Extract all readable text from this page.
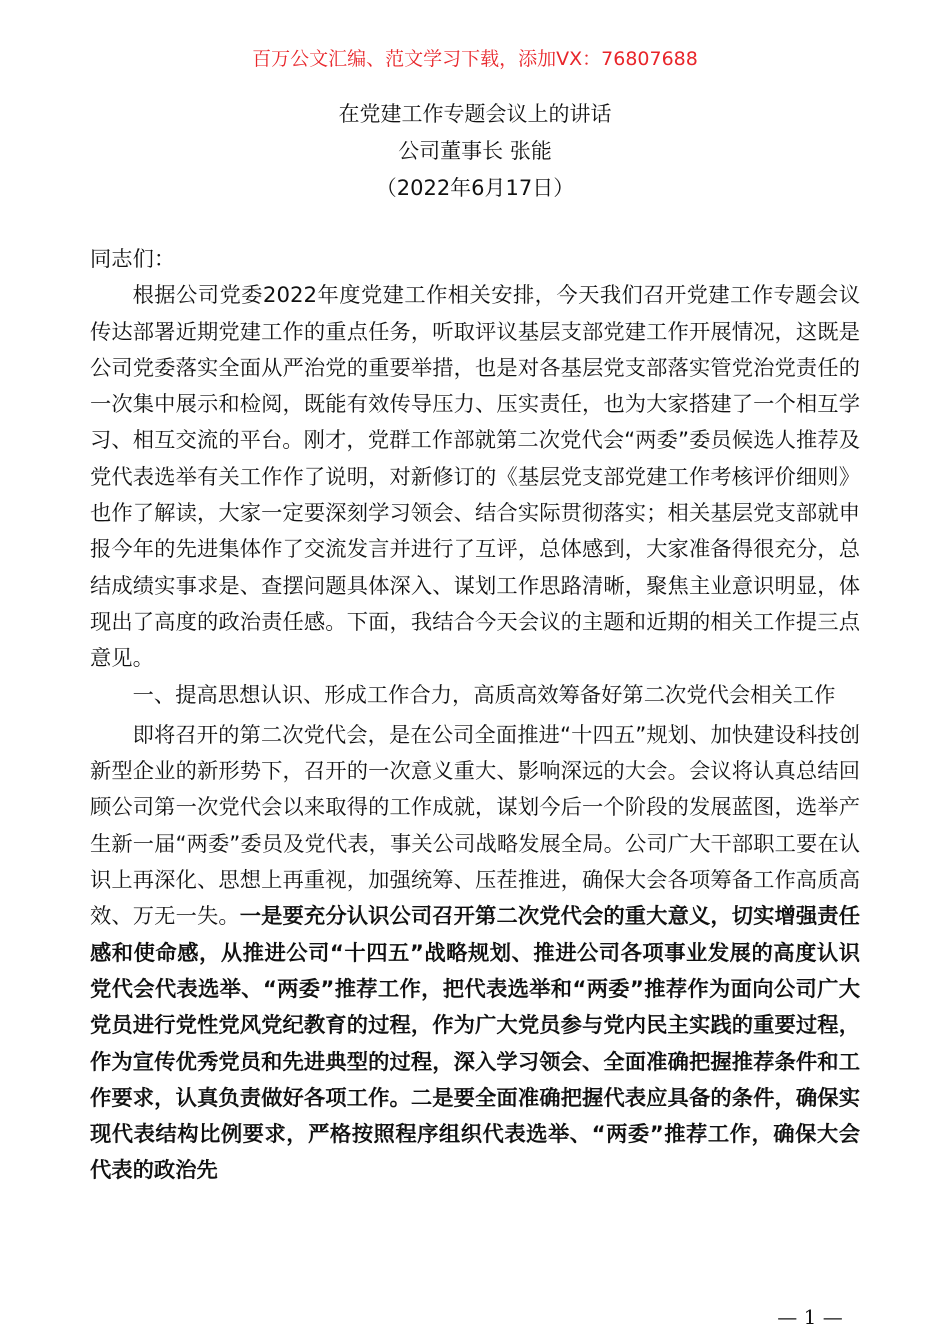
百万公文汇编、范文学习下载，添加VX：76807688
在党建工作专题会议上的讲话
公司董事长 张能
（2022年6月17日）

同志们：

根据公司党委2022年度党建工作相关安排，今天我们召开党建工作专题会议传达部署近期党建工作的重点任务，听取评议基层支部党建工作开展情况，这既是公司党委落实全面从严治党的重要举措，也是对各基层党支部落实管党治党责任的一次集中展示和检阅，既能有效传导压力、压实责任，也为大家搭建了一个相互学习、相互交流的平台。刚才，党群工作部就第二次党代会“两委”委员候选人推荐及党代表选举有关工作作了说明，对新修订的《基层党支部党建工作考核评价细则》也作了解读，大家一定要深刻学习领会、结合实际贯彻落实；相关基层党支部就申报今年的先进集体作了交流发言并进行了互评，总体感到，大家准备得很充分，总结成绩实事求是、查摆问题具体深入、谋划工作思路清晰，聚焦主业意识明显，体现出了高度的政治责任感。下面，我结合今天会议的主题和近期的相关工作提三点意见。

一、提高思想认识、形成工作合力，高质高效筹备好第二次党代会相关工作

即将召开的第二次党代会，是在公司全面推进“十四五”规划、加快建设科技创新型企业的新形势下，召开的一次意义重大、影响深远的大会。会议将认真总结回顾公司第一次党代会以来取得的工作成就，谋划今后一个阶段的发展蓝图，选举产生新一届“两委”委员及党代表，事关公司战略发展全局。公司广大干部职工要在认识上再深化、思想上再重视，加强统筹、压茬推进，确保大会各项筹备工作高质高效、万无一失。一是要充分认识公司召开第二次党代会的重大意义，切实增强责任感和使命感，从推进公司“十四五”战略规划、推进公司各项事业发展的高度认识党代会代表选举、“两委”推荐工作，把代表选举和“两委”推荐作为面向公司广大党员进行党性党风党纪教育的过程，作为广大党员参与党内民主实践的重要过程，作为宣传优秀党员和先进典型的过程，深入学习领会、全面准确把握推荐条件和工作要求，认真负责做好各项工作。二是要全面准确把握代表应具备的条件，确保实现代表结构比例要求，严格按照程序组织代表选举、“两委”推荐工作，确保大会代表的政治先

— 1 —
